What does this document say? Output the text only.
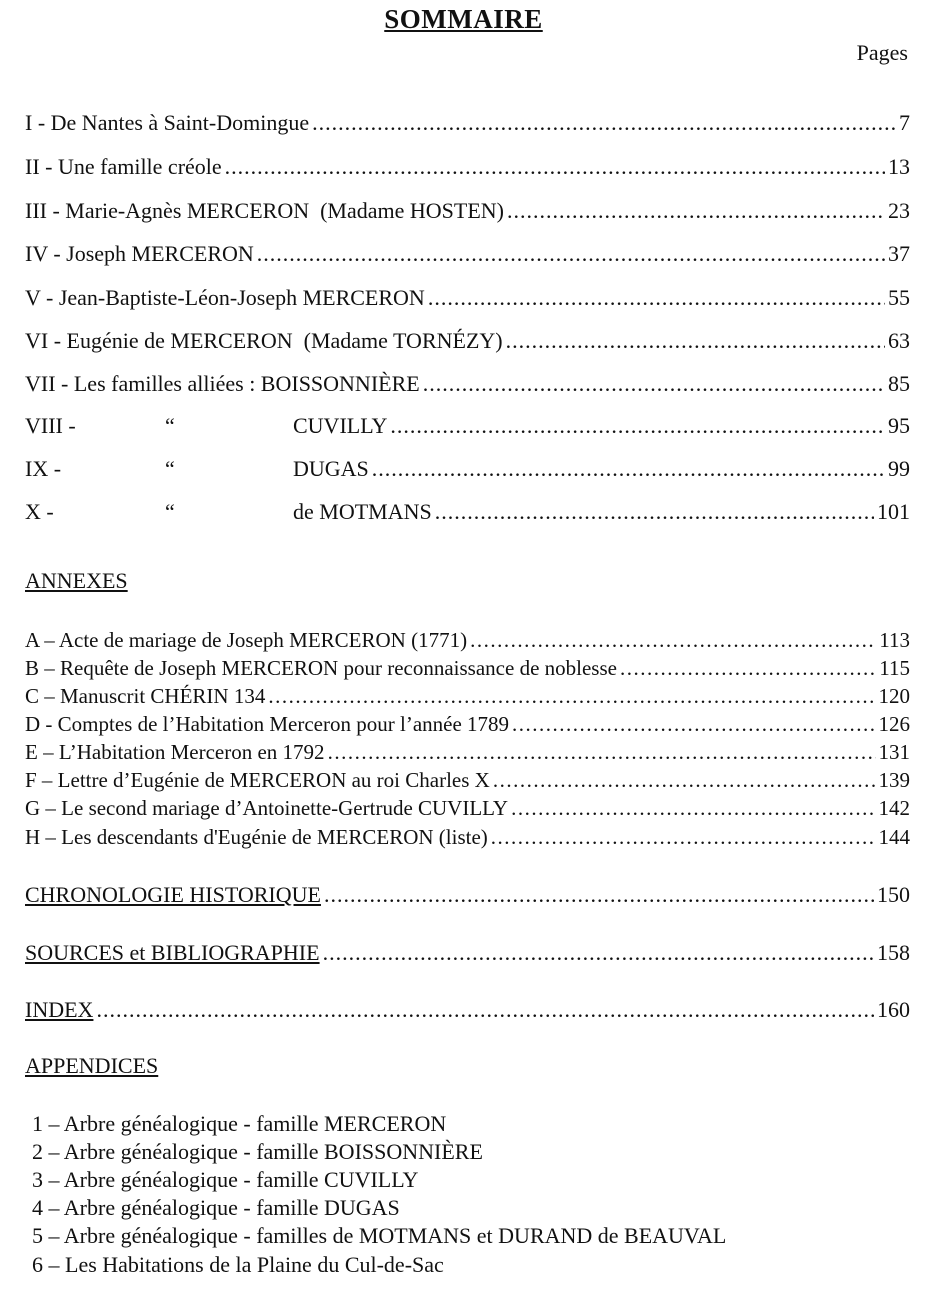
SOMMAIRE
Pages
I - De Nantes à Saint-Domingue .....	7
II - Une famille créole .....	13
III - Marie-Agnès MERCERON  (Madame HOSTEN) .....	23
IV - Joseph MERCERON .....	37
V - Jean-Baptiste-Léon-Joseph MERCERON .....	55
VI - Eugénie de MERCERON  (Madame TORNÉZY) .....	63
VII - Les familles alliées : BOISSONNIÈRE .....	85
VIII -	“	CUVILLY .....	95
IX -	“	DUGAS .....	99
X -	“	de MOTMANS .....	101
ANNEXES
A – Acte de mariage de Joseph MERCERON (1771) .....	113
B – Requête de Joseph MERCERON pour reconnaissance de noblesse .....	115
C – Manuscrit CHÉRIN 134 .....	120
D - Comptes de l’Habitation Merceron pour l’année 1789 .....	126
E – L’Habitation Merceron en 1792 .....	131
F – Lettre d’Eugénie de MERCERON au roi Charles X .....	139
G – Le second mariage d’Antoinette-Gertrude CUVILLY .....	142
H – Les descendants d'Eugénie de MERCERON (liste) .....	144
CHRONOLOGIE HISTORIQUE .....	150
SOURCES et BIBLIOGRAPHIE .....	158
INDEX .....	160
APPENDICES
1 – Arbre généalogique - famille MERCERON
2 – Arbre généalogique - famille BOISSONNIÈRE
3 – Arbre généalogique - famille CUVILLY
4 – Arbre généalogique - famille DUGAS
5 – Arbre généalogique - familles de MOTMANS et DURAND de BEAUVAL
6 – Les Habitations de la Plaine du Cul-de-Sac
